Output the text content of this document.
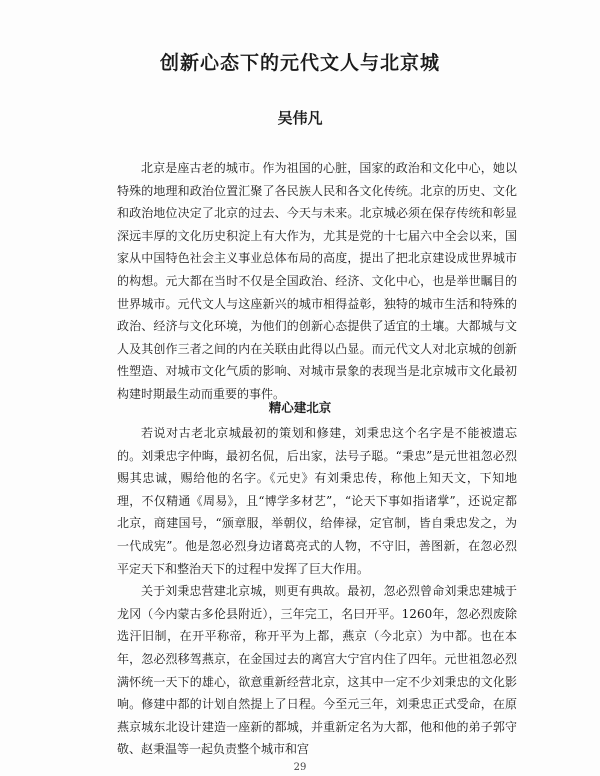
创新心态下的元代文人与北京城
吴伟凡

北京是座古老的城市。作为祖国的心脏，国家的政治和文化中心，她以特殊的地理和政治位置汇聚了各民族人民和各文化传统。北京的历史、文化和政治地位决定了北京的过去、今天与未来。北京城必须在保存传统和彰显深远丰厚的文化历史积淀上有大作为，尤其是党的十七届六中全会以来，国家从中国特色社会主义事业总体布局的高度，提出了把北京建设成世界城市的构想。元大都在当时不仅是全国政治、经济、文化中心，也是举世瞩目的世界城市。元代文人与这座新兴的城市相得益彰，独特的城市生活和特殊的政治、经济与文化环境，为他们的创新心态提供了适宜的土壤。大都城与文人及其创作三者之间的内在关联由此得以凸显。而元代文人对北京城的创新性塑造、对城市文化气质的影响、对城市景象的表现当是北京城市文化最初构建时期最生动而重要的事件。

精心建北京

若说对古老北京城最初的策划和修建，刘秉忠这个名字是不能被遗忘的。刘秉忠字仲晦，最初名侃，后出家，法号子聪。“秉忠”是元世祖忽必烈赐其忠诚，赐给他的名字。《元史》有刘秉忠传，称他上知天文，下知地理，不仅精通《周易》，且“博学多材艺”，“论天下事如指诸掌”，还说定都北京，商建国号，“颁章服，举朝仪，给俸禄，定官制，皆自秉忠发之，为一代成宪”。他是忽必烈身边诸葛亮式的人物，不守旧，善图新，在忽必烈平定天下和整治天下的过程中发挥了巨大作用。

关于刘秉忠营建北京城，则更有典故。最初，忽必烈曾命刘秉忠建城于龙冈（今内蒙古多伦县附近），三年完工，名曰开平。1260年，忽必烈废除选汗旧制，在开平称帝，称开平为上都，燕京（今北京）为中都。也在本年，忽必烈移驾燕京，在金国过去的离宫大宁宫内住了四年。元世祖忽必烈满怀统一天下的雄心，欲意重新经营北京，这其中一定不少刘秉忠的文化影响。修建中都的计划自然提上了日程。今至元三年，刘秉忠正式受命，在原燕京城东北设计建造一座新的都城，并重新定名为大都，他和他的弟子郭守敬、赵秉温等一起负责整个城市和宫

29
